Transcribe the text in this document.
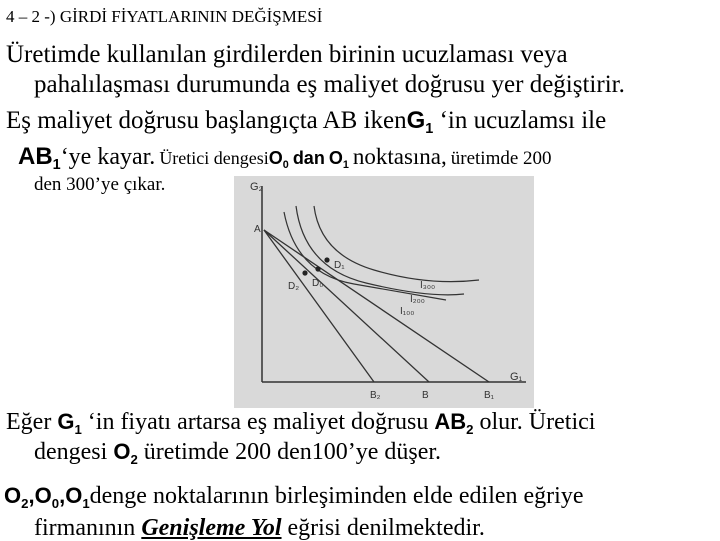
4 – 2 -) GİRDİ FİYATLARININ DEĞİŞMESİ
Üretimde kullanılan girdilerden birinin ucuzlaması veya
pahalılaşması durumunda eş maliyet doğrusu yer değiştirir.
Eş maliyet doğrusu başlangıçta AB ikenG$_1$ ‘in ucuzlamsı ile
$AB_1‘ye$ kayar. Üretici dengesiO$_0$ dan $O_1$ noktasına, üretimde 200
den 300’ye çıkar.	G₂
G₁
A
D₁
D₂ D₀
B₂	B	B₁
I₃₀₀
I₂₀₀
I₁₀₀
Eğer $G_1$ ‘in fiyatı artarsa eş maliyet doğrusu $AB_2$ olur. Üretici
dengesi $O_2$ üretimde 200 den100’ye düşer.
$O_2,O_0,O_1denge$ noktalarının birleşiminden elde edilen eğriye
firmanının Genişleme Yol eğrisi denilmektedir.
